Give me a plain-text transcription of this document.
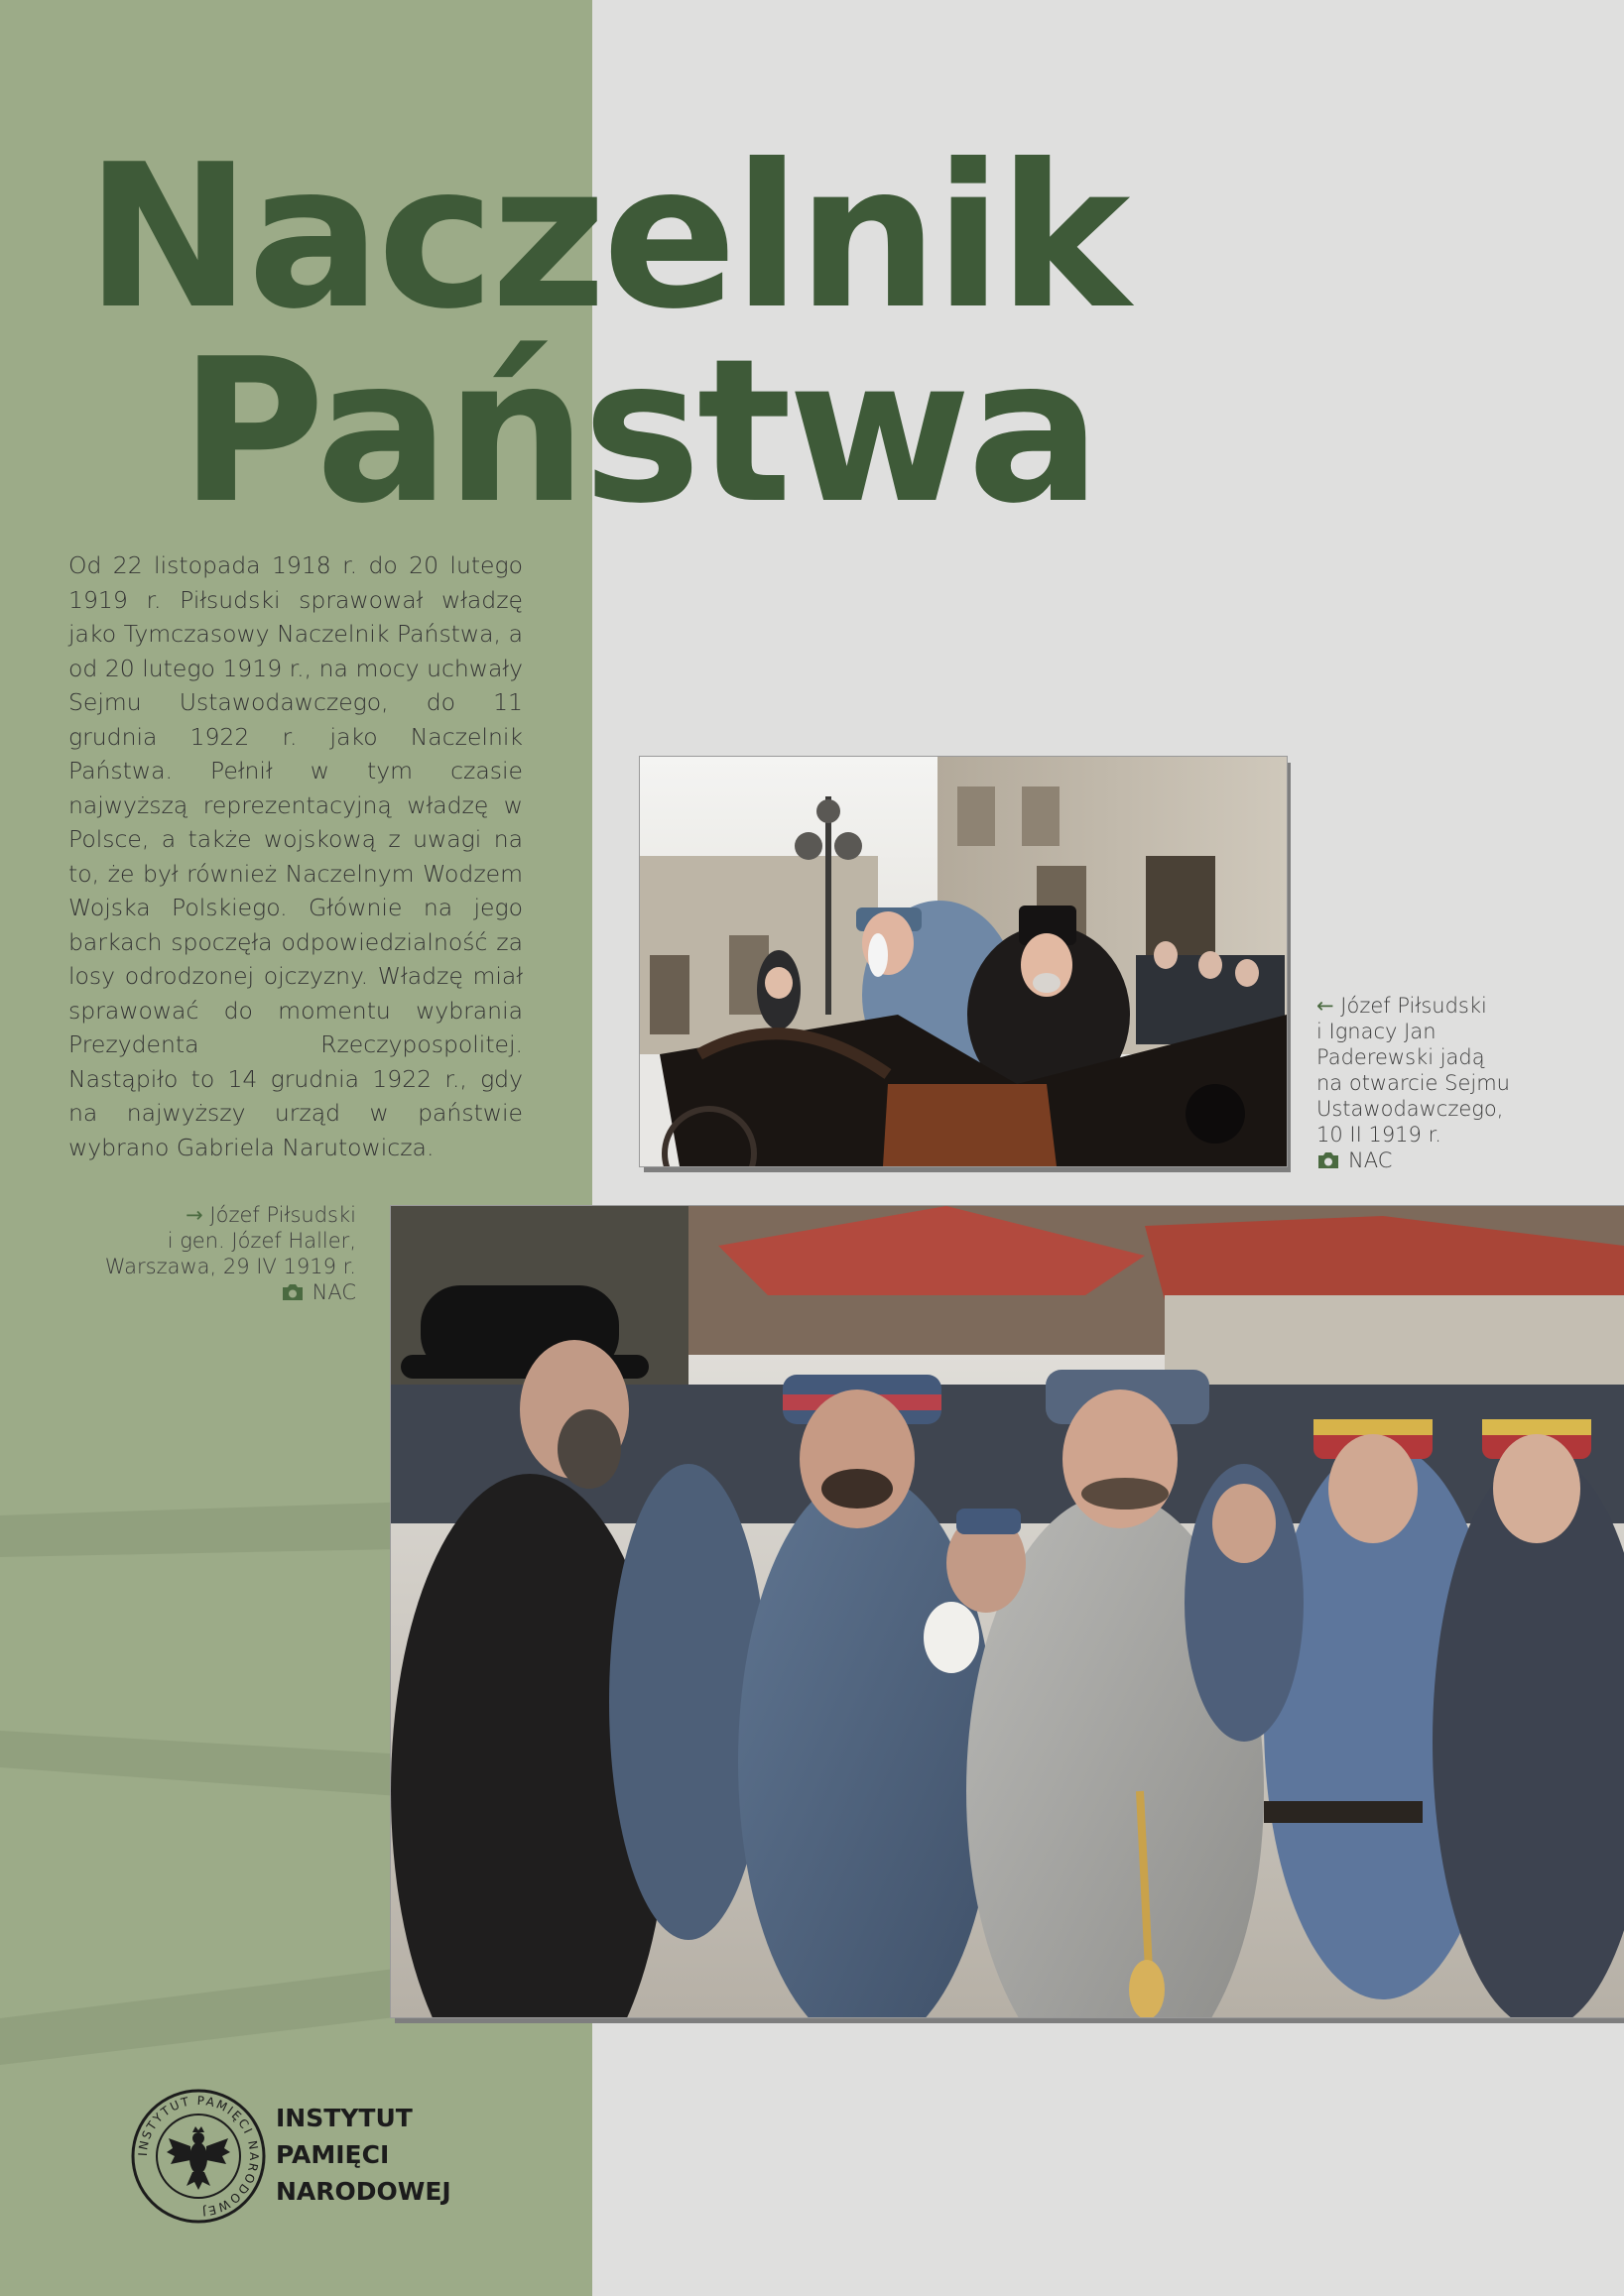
Naczelnik
Państwa

Od 22 listopada 1918 r. do 20 lutego 1919 r. Piłsudski sprawował władzę jako Tymczasowy Naczelnik Państwa, a od 20 lutego 1919 r., na mocy uchwały Sejmu Ustawodawczego, do 11 grudnia 1922 r. jako Naczelnik Państwa. Pełnił w tym czasie najwyższą reprezentacyjną władzę w Polsce, a także wojskową z uwagi na to, że był również Naczelnym Wodzem Wojska Polskiego. Głównie na jego barkach spoczęła odpowiedzialność za losy odrodzonej ojczyzny. Władzę miał sprawować do momentu wybrania Prezydenta Rzeczypospolitej. Nastąpiło to 14 grudnia 1922 r., gdy na najwyższy urząd w państwie wybrano Gabriela Narutowicza.

← Józef Piłsudski
i Ignacy Jan
Paderewski jadą
na otwarcie Sejmu
Ustawodawczego,
10 II 1919 r.
NAC
→ Józef Piłsudski
i gen. Józef Haller,
Warszawa, 29 IV 1919 r.
NAC
INSTYTUT PAMIĘCI NARODOWEJ

INSTYTUT
PAMIĘCI
NARODOWEJ
